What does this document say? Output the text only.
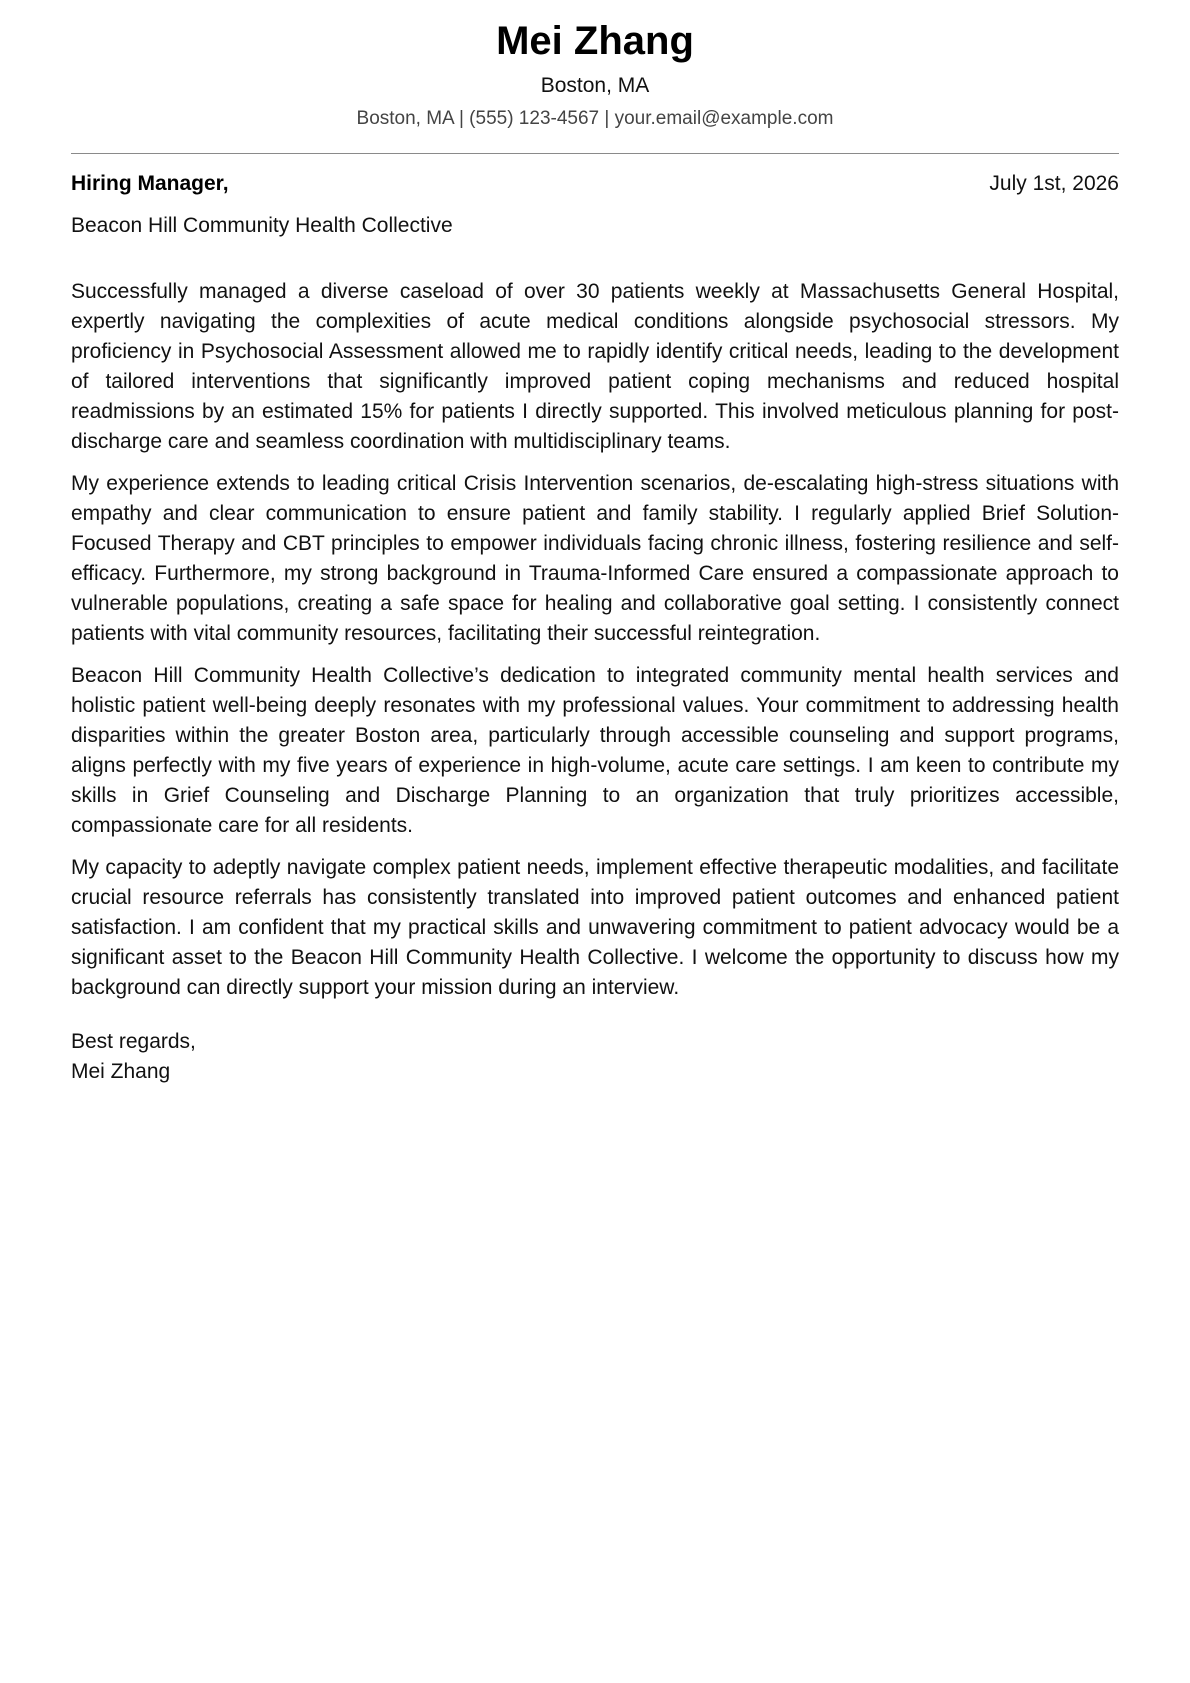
Mei Zhang
Boston, MA
Boston, MA | (555) 123-4567 | your.email@example.com
Hiring Manager,	July 1st, 2026
Beacon Hill Community Health Collective

Successfully managed a diverse caseload of over 30 patients weekly at Massachusetts General Hospital, expertly navigating the complexities of acute medical conditions alongside psychosocial stressors. My proficiency in Psychosocial Assessment allowed me to rapidly identify critical needs, leading to the development of tailored interventions that significantly improved patient coping mechanisms and reduced hospital readmissions by an estimated 15% for patients I directly supported. This involved meticulous planning for post-discharge care and seamless coordination with multidisciplinary teams.

My experience extends to leading critical Crisis Intervention scenarios, de-escalating high-stress situations with empathy and clear communication to ensure patient and family stability. I regularly applied Brief Solution-Focused Therapy and CBT principles to empower individuals facing chronic illness, fostering resilience and self-efficacy. Furthermore, my strong background in Trauma-Informed Care ensured a compassionate approach to vulnerable populations, creating a safe space for healing and collaborative goal setting. I consistently connect patients with vital community resources, facilitating their successful reintegration.

Beacon Hill Community Health Collective’s dedication to integrated community mental health services and holistic patient well-being deeply resonates with my professional values. Your commitment to addressing health disparities within the greater Boston area, particularly through accessible counseling and support programs, aligns perfectly with my five years of experience in high-volume, acute care settings. I am keen to contribute my skills in Grief Counseling and Discharge Planning to an organization that truly prioritizes accessible, compassionate care for all residents.

My capacity to adeptly navigate complex patient needs, implement effective therapeutic modalities, and facilitate crucial resource referrals has consistently translated into improved patient outcomes and enhanced patient satisfaction. I am confident that my practical skills and unwavering commitment to patient advocacy would be a significant asset to the Beacon Hill Community Health Collective. I welcome the opportunity to discuss how my background can directly support your mission during an interview.

Best regards,
Mei Zhang
